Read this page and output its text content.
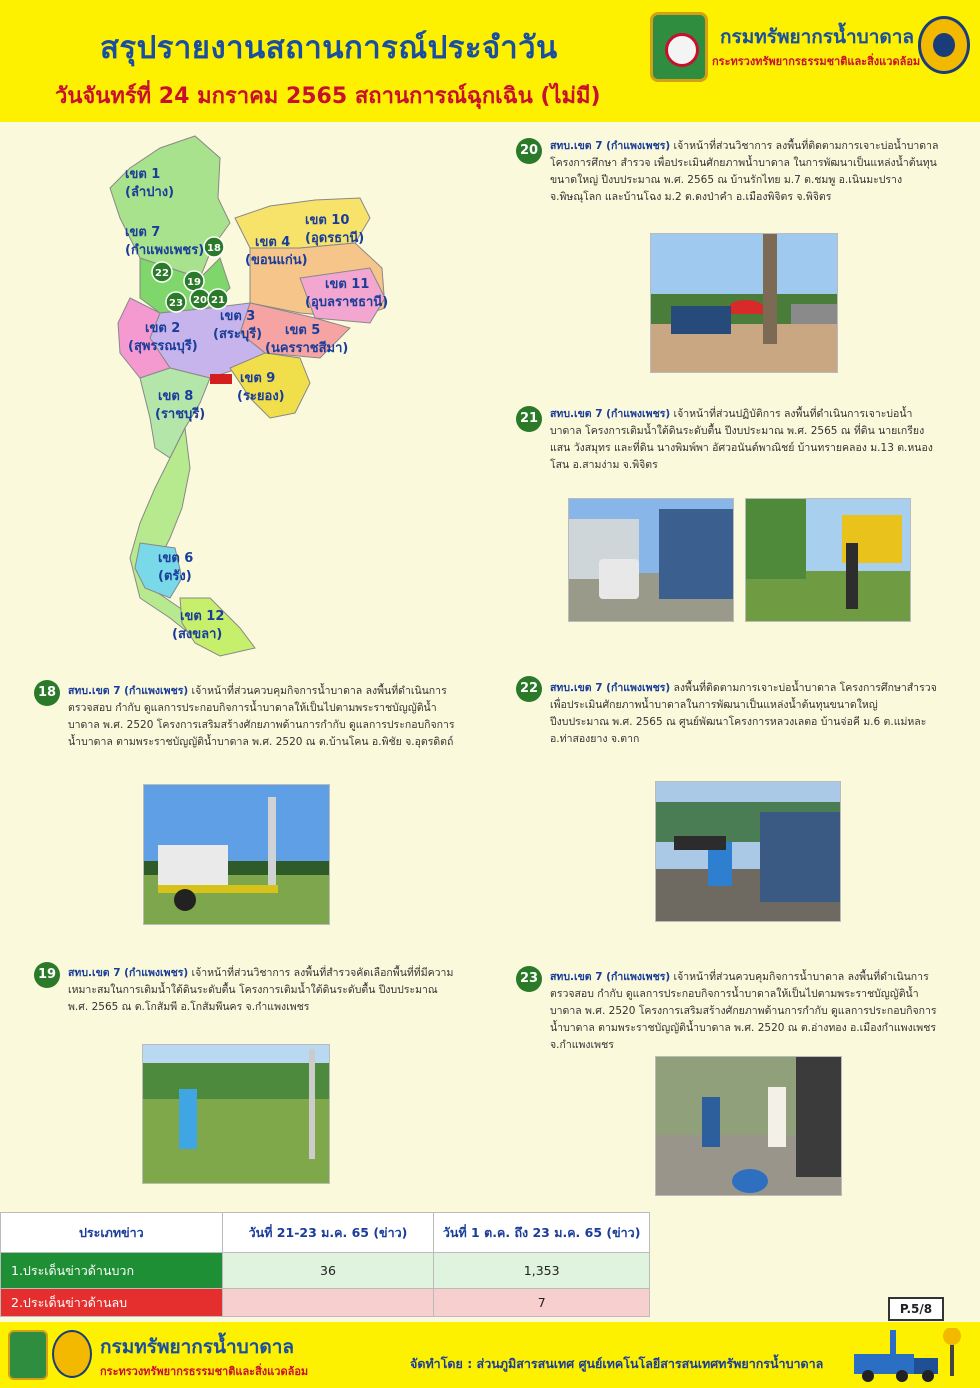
สรุปรายงานสถานการณ์ประจำวัน
วันจันทร์ที่ 24 มกราคม 2565 สถานการณ์ฉุกเฉิน (ไม่มี)
กรมทรัพยากรน้ำบาดาล
กระทรวงทรัพยากรธรรมชาติและสิ่งแวดล้อม
เขต 1
(ลำปาง)
เขต 7
(กำแพงเพชร)
เขต 10
(อุดรธานี)
เขต 4
(ขอนแก่น)
เขต 11
(อุบลราชธานี)
เขต 3
(สระบุรี) เขต 5
(นครราชสีมา)
เขต 2
(สุพรรณบุรี)
เขต 9
(ระยอง)
เขต 8
(ราชบุรี)
เขต 6
(ตรัง)
เขต 12
(สงขลา)
18
22
19
23 20 21
20	สทบ.เขต 7 (กำแพงเพชร) เจ้าหน้าที่ส่วนวิชาการ ลงพื้นที่ติดตามการเจาะบ่อน้ำบาดาล โครงการศึกษา สำรวจ เพื่อประเมินศักยภาพน้ำบาดาล ในการพัฒนาเป็นแหล่งน้ำต้นทุนขนาดใหญ่ ปีงบประมาณ พ.ศ. 2565 ณ บ้านรักไทย ม.7 ต.ชมพู อ.เนินมะปราง จ.พิษณุโลก และบ้านโฉง ม.2 ต.ดงป่าคำ อ.เมืองพิจิตร จ.พิจิตร
21	สทบ.เขต 7 (กำแพงเพชร) เจ้าหน้าที่ส่วนปฏิบัติการ ลงพื้นที่ดำเนินการเจาะบ่อน้ำบาดาล โครงการเติมน้ำใต้ดินระดับตื้น ปีงบประมาณ พ.ศ. 2565 ณ ที่ดิน นายเกรียงแสน วังสมุทร และที่ดิน นางพิมพ์พา อัศวอนันต์พาณิชย์ บ้านทรายคลอง ม.13 ต.หนองโสน อ.สามง่าม จ.พิจิตร
18	สทบ.เขต 7 (กำแพงเพชร) เจ้าหน้าที่ส่วนควบคุมกิจการน้ำบาดาล ลงพื้นที่ดำเนินการ ตรวจสอบ กำกับ ดูแลการประกอบกิจการน้ำบาดาลให้เป็นไปตามพระราชบัญญัติน้ำบาดาล พ.ศ. 2520 โครงการเสริมสร้างศักยภาพด้านการกำกับ ดูแลการประกอบกิจการน้ำบาดาล ตามพระราชบัญญัติน้ำบาดาล พ.ศ. 2520 ณ ต.บ้านโคน อ.พิชัย จ.อุตรดิตถ์
22	สทบ.เขต 7 (กำแพงเพชร) ลงพื้นที่ติดตามการเจาะบ่อน้ำบาดาล โครงการศึกษาสำรวจ เพื่อประเมินศักยภาพน้ำบาดาลในการพัฒนาเป็นแหล่งน้ำต้นทุนขนาดใหญ่ ปีงบประมาณ พ.ศ. 2565 ณ ศูนย์พัฒนาโครงการหลวงเลตอ บ้านจ่อคี ม.6 ต.แม่หละ อ.ท่าสองยาง จ.ตาก
19	สทบ.เขต 7 (กำแพงเพชร) เจ้าหน้าที่ส่วนวิชาการ ลงพื้นที่สำรวจคัดเลือกพื้นที่ที่มีความเหมาะสมในการเติมน้ำใต้ดินระดับตื้น โครงการเติมน้ำใต้ดินระดับตื้น ปีงบประมาณ พ.ศ. 2565 ณ ต.โกสัมพี อ.โกสัมพีนคร จ.กำแพงเพชร
23	สทบ.เขต 7 (กำแพงเพชร) เจ้าหน้าที่ส่วนควบคุมกิจการน้ำบาดาล ลงพื้นที่ดำเนินการ ตรวจสอบ กำกับ ดูแลการประกอบกิจการน้ำบาดาลให้เป็นไปตามพระราชบัญญัติน้ำบาดาล พ.ศ. 2520 โครงการเสริมสร้างศักยภาพด้านการกำกับ ดูแลการประกอบกิจการน้ำบาดาล ตามพระราชบัญญัติน้ำบาดาล พ.ศ. 2520 ณ ต.อ่างทอง อ.เมืองกำแพงเพชร จ.กำแพงเพชร
ประเภทข่าว	วันที่ 21-23 ม.ค. 65 (ข่าว)	วันที่ 1 ต.ค. ถึง 23 ม.ค. 65 (ข่าว)
1.ประเด็นข่าวด้านบวก	36	1,353
2.ประเด็นข่าวด้านลบ		7	P.5/8
กรมทรัพยากรน้ำบาดาล
กระทรวงทรัพยากรธรรมชาติและสิ่งแวดล้อม
จัดทำโดย : ส่วนภูมิสารสนเทศ ศูนย์เทคโนโลยีสารสนเทศทรัพยากรน้ำบาดาล
